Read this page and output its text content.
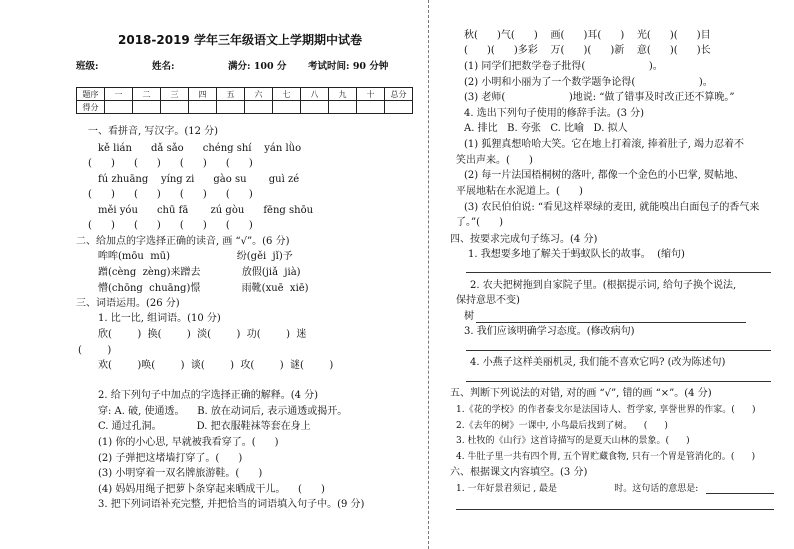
2018-2019 学年三年级语文上学期期中试卷
班级:	姓名:	满分: 100 分 考试时间: 90 分钟
题序	一	二	三	四	五	六	七	八	九	十	总分
得分											
一、看拼音, 写汉字。(12 分)
kě lián      dǎ sǎo      chéng shí    yán lǜo
(      )      (      )      (      )      (      )
fú zhuāng    yíng zi      gào su       guì zé
(      )      (      )      (      )      (      )
měi yóu      chū fā       zú gòu      fēng shōu
(      )      (      )      (      )      (      )
二、给加点的字选择正确的读音, 画 “√”。(6 分)
哞哞(mōu  mū)                     纷(gěi  jǐ)予
蹭(cèng  zèng)来蹭去             放假(jiǎ  jià)
懵(chōng  chuāng)憬             雨靴(xuē  xiē)
三、词语运用。(26 分)
1. 比一比, 组词语。(10 分)
欣(        )  换(        )  淡(        )  功(        )  迷
(        )
欢(        )唤(        )  谈(        )  攻(        )  谜(        )
2. 给下列句子中加点的字选择正确的解释。(4 分)
穿: A. 破, 使通透。    B. 放在动词后, 表示通透或揭开。
C. 通过孔洞。           D. 把衣服鞋袜等套在身上
(1) 你的小心思, 早就被我看穿了。(      )
(2) 子弹把这堵墙打穿了。(      )
(3) 小明穿着一双名牌旅游鞋。(      )
(4) 妈妈用绳子把萝卜条穿起来晒成干儿。    (      )
3. 把下列词语补充完整, 并把恰当的词语填入句子中。(9 分)
秋(      )气(      )    画(      )耳(      )    光(      )(      )目
(      )(      )多彩    万(      )(      )新    意(      )(      )长
(1) 同学们把数学卷子批得(                    )。
(2) 小明和小丽为了一个数学题争论得(                    )。
(3) 老师(                    )地说: “做了错事及时改正还不算晚。”
4. 选出下列句子使用的修辞手法。(3 分)
A. 排比   B. 夸张   C. 比喻   D. 拟人
(1) 狐狸真想哈哈大笑。它在地上打着滚, 捧着肚子, 竭力忍着不
笑出声来。(      )
(2) 每一片法国梧桐树的落叶, 都像一个金色的小巴掌, 熨帖地、
平展地粘在水泥道上。(      )
(3) 农民伯伯说: “看见这样翠绿的麦田, 就能嗅出白面包子的香气来
了。”(      )
四、按要求完成句子练习。(4 分)
1. 我想要多地了解关于蚂蚁队长的故事。  (缩句)
2. 农夫把树拖到自家院子里。(根据提示词, 给句子换个说法,
保持意思不变)
树
3. 我们应该明确学习态度。(修改病句)
4. 小燕子这样美丽机灵, 我们能不喜欢它吗? (改为陈述句)
五、判断下列说法的对错, 对的画 “√”, 错的画 “×”。(4 分)
1.《花的学校》的作者泰戈尔是法国诗人、哲学家, 享誉世界的作家。(      )
2.《去年的树》一课中, 小鸟最后找到了树。    (      )
3. 杜牧的《山行》这首诗描写的是夏天山林的景象。(      )
4. 牛肚子里一共有四个胃, 五个胃贮藏食物, 只有一个胃是管消化的。(      )
六、根据课文内容填空。(3 分)
1. 一年好景君须记 , 最是                    时。这句话的意思是:
